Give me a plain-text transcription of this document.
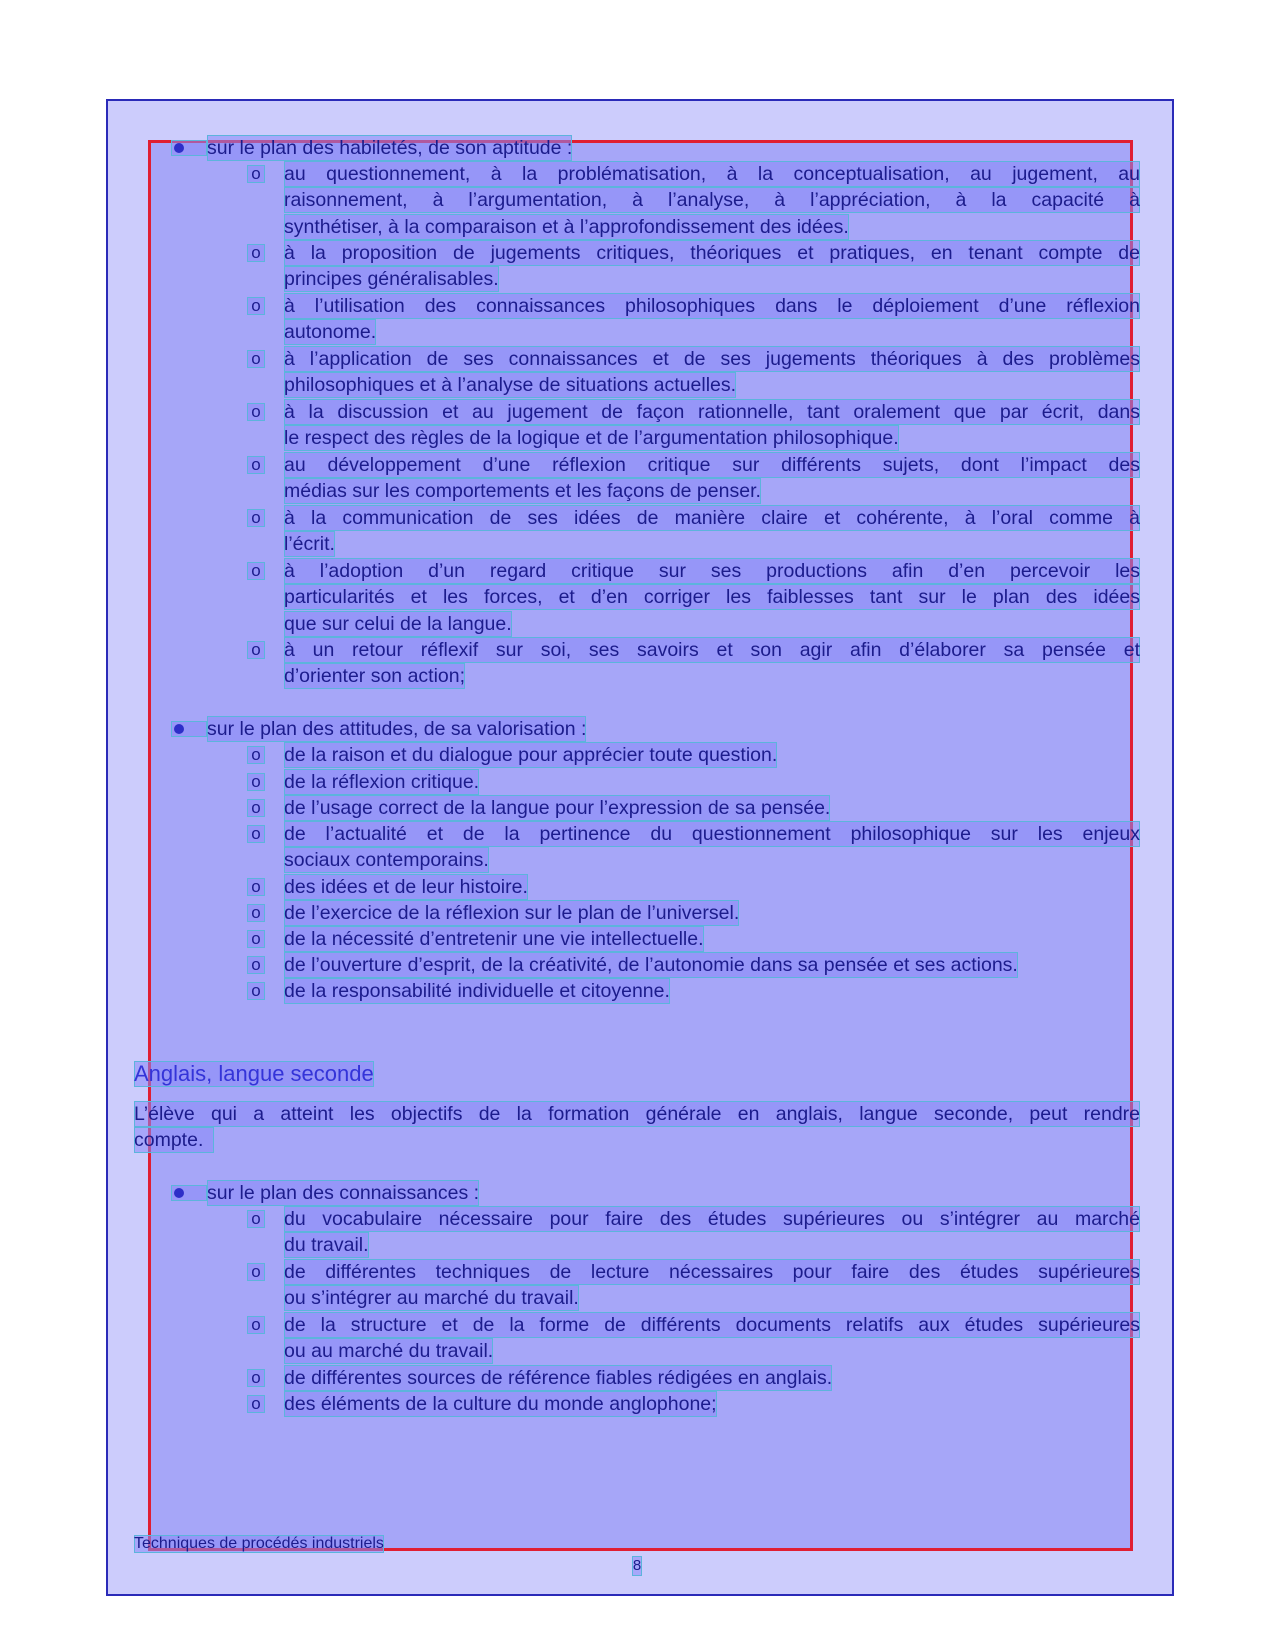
sur le plan des habiletés, de son aptitude :
o au questionnement, à la problématisation, à la conceptualisation, au jugement, au
raisonnement, à l’argumentation, à l’analyse, à l’appréciation, à la capacité à
synthétiser, à la comparaison et à l’approfondissement des idées.
o à la proposition de jugements critiques, théoriques et pratiques, en tenant compte de
principes généralisables.
o à l’utilisation des connaissances philosophiques dans le déploiement d’une réflexion
autonome.
o à l’application de ses connaissances et de ses jugements théoriques à des problèmes
philosophiques et à l’analyse de situations actuelles.
o à la discussion et au jugement de façon rationnelle, tant oralement que par écrit, dans
le respect des règles de la logique et de l’argumentation philosophique.
o au développement d’une réflexion critique sur différents sujets, dont l’impact des
médias sur les comportements et les façons de penser.
o à la communication de ses idées de manière claire et cohérente, à l’oral comme à
l’écrit.
o à l’adoption d’un regard critique sur ses productions afin d’en percevoir les
particularités et les forces, et d’en corriger les faiblesses tant sur le plan des idées
que sur celui de la langue.
o à un retour réflexif sur soi, ses savoirs et son agir afin d’élaborer sa pensée et
d’orienter son action;
sur le plan des attitudes, de sa valorisation :
o de la raison et du dialogue pour apprécier toute question.
o de la réflexion critique.
o de l’usage correct de la langue pour l’expression de sa pensée.
o de l’actualité et de la pertinence du questionnement philosophique sur les enjeux
sociaux contemporains.
o des idées et de leur histoire.
o de l’exercice de la réflexion sur le plan de l’universel.
o de la nécessité d’entretenir une vie intellectuelle.
o de l’ouverture d’esprit, de la créativité, de l’autonomie dans sa pensée et ses actions.
o de la responsabilité individuelle et citoyenne.
sur le plan des connaissances :
o du vocabulaire nécessaire pour faire des études supérieures ou s’intégrer au marché
du travail.
o de différentes techniques de lecture nécessaires pour faire des études supérieures
ou s’intégrer au marché du travail.
o de la structure et de la forme de différents documents relatifs aux études supérieures
ou au marché du travail.
o de différentes sources de référence fiables rédigées en anglais.
o des éléments de la culture du monde anglophone;
Anglais, langue seconde
L’élève qui a atteint les objectifs de la formation générale en anglais, langue seconde, peut rendre
compte.
Techniques de procédés industriels
8
